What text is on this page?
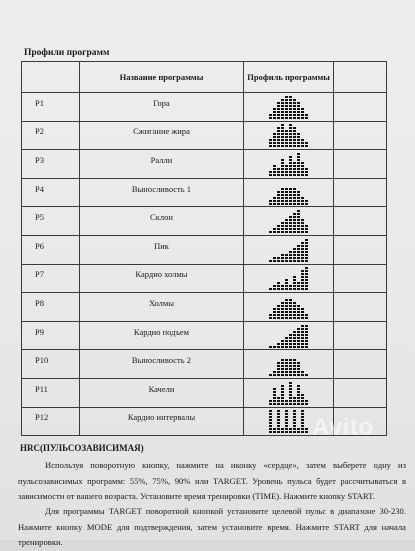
Профили программ
	Название программы	Профиль программы	
P1	Гора	

P2	Сжигание жира	

P3	Ралли	

P4	Выносливость 1	

P5	Склон	

P6	Пик	

P7	Кардио холмы	

P8	Холмы	

P9	Кардио подъем	

P10	Выносливость 2	

P11	Качели	

P12	Кардио интервалы	

HRC(ПУЛЬСОЗАВИСИМАЯ)
Используя поворотную кнопку, нажмите на иконку «сердце», затем выберете одну из пульсозависимых программ: 55%, 75%, 90% или TARGET. Уровень пульса будет рассчитываться в зависимости от вашего возраста. Установите время тренировки (TIME). Нажмите кнопку START.
Для программы TARGET поворотной кнопкой установите целевой пульс в диапазоне 30-230. Нажмите кнопку MODE для подтверждения, затем установите время. Нажмите START для начала тренировки.
Avito
